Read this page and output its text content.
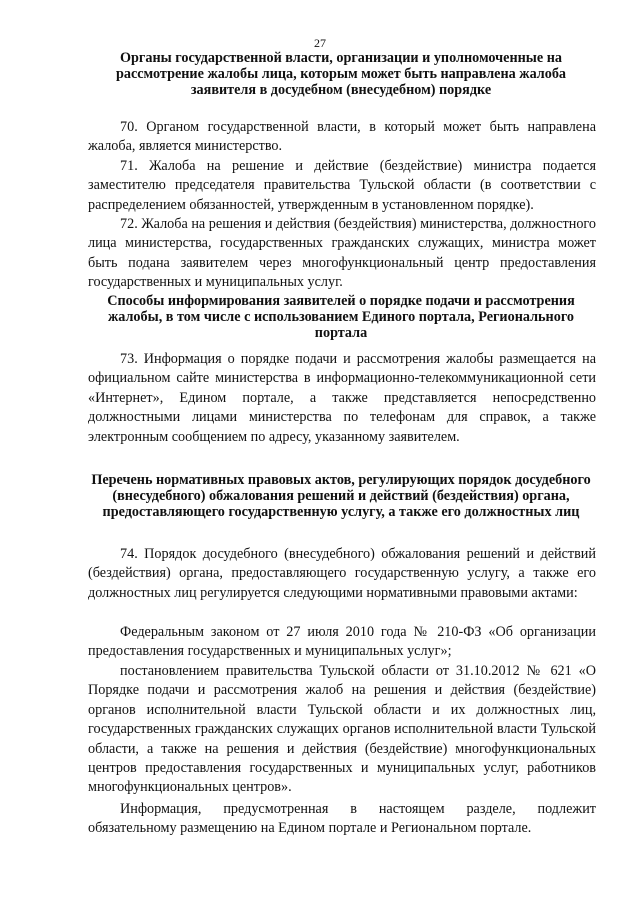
27
Органы государственной власти, организации и уполномоченные на рассмотрение жалобы лица, которым может быть направлена жалоба заявителя в досудебном (внесудебном) порядке
70. Органом государственной власти, в который может быть направлена жалоба, является министерство.
71. Жалоба на решение и действие (бездействие) министра подается заместителю председателя правительства Тульской области (в соответствии с распределением обязанностей, утвержденным в установленном порядке).
72. Жалоба на решения и действия (бездействия) министерства, должностного лица министерства, государственных гражданских служащих, министра может быть подана заявителем через многофункциональный центр предоставления государственных и муниципальных услуг.
Способы информирования заявителей о порядке подачи и рассмотрения жалобы, в том числе с использованием Единого портала, Регионального портала
73. Информация о порядке подачи и рассмотрения жалобы размещается на официальном сайте министерства в информационно-телекоммуникационной сети «Интернет», Едином портале, а также представляется непосредственно должностными лицами министерства по телефонам для справок, а также электронным сообщением по адресу, указанному заявителем.
Перечень нормативных правовых актов, регулирующих порядок досудебного (внесудебного) обжалования решений и действий (бездействия) органа, предоставляющего государственную услугу, а также его должностных лиц
74. Порядок досудебного (внесудебного) обжалования решений и действий (бездействия) органа, предоставляющего государственную услугу, а также его должностных лиц регулируется следующими нормативными правовыми актами:
Федеральным законом от 27 июля 2010 года № 210-ФЗ «Об организации предоставления государственных и муниципальных услуг»;
постановлением правительства Тульской области от 31.10.2012 № 621 «О Порядке подачи и рассмотрения жалоб на решения и действия (бездействие) органов исполнительной власти Тульской области и их должностных лиц, государственных гражданских служащих органов исполнительной власти Тульской области, а также на решения и действия (бездействие) многофункциональных центров предоставления государственных и муниципальных услуг, работников многофункциональных центров».
Информация, предусмотренная в настоящем разделе, подлежит обязательному размещению на Едином портале и Региональном портале.
